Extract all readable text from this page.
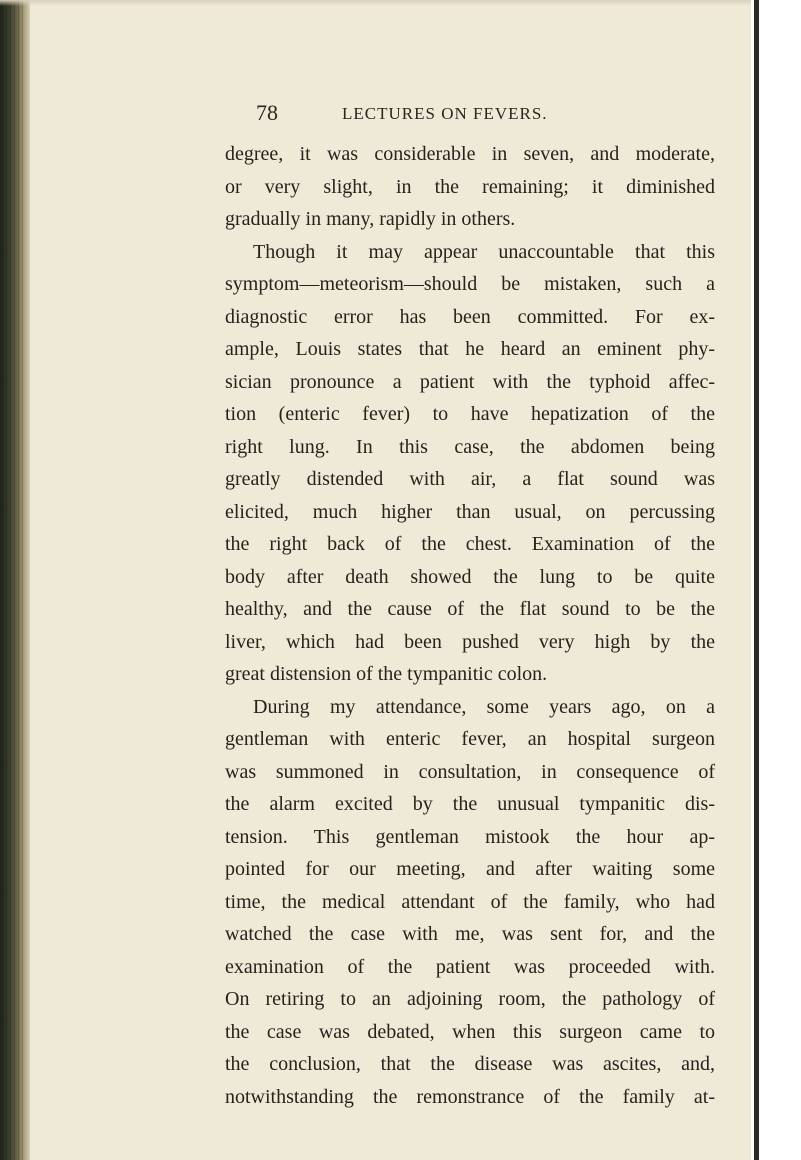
78	LECTURES ON FEVERS.
degree, it was considerable in seven, and moderate,
or very slight, in the remaining; it diminished
gradually in many, rapidly in others.
Though it may appear unaccountable that this
symptom—meteorism—should be mistaken, such a
diagnostic error has been committed. For ex-
ample, Louis states that he heard an eminent phy-
sician pronounce a patient with the typhoid affec-
tion (enteric fever) to have hepatization of the
right lung. In this case, the abdomen being
greatly distended with air, a flat sound was
elicited, much higher than usual, on percussing
the right back of the chest. Examination of the
body after death showed the lung to be quite
healthy, and the cause of the flat sound to be the
liver, which had been pushed very high by the
great distension of the tympanitic colon.
During my attendance, some years ago, on a
gentleman with enteric fever, an hospital surgeon
was summoned in consultation, in consequence of
the alarm excited by the unusual tympanitic dis-
tension. This gentleman mistook the hour ap-
pointed for our meeting, and after waiting some
time, the medical attendant of the family, who had
watched the case with me, was sent for, and the
examination of the patient was proceeded with.
On retiring to an adjoining room, the pathology of
the case was debated, when this surgeon came to
the conclusion, that the disease was ascites, and,
notwithstanding the remonstrance of the family at-
